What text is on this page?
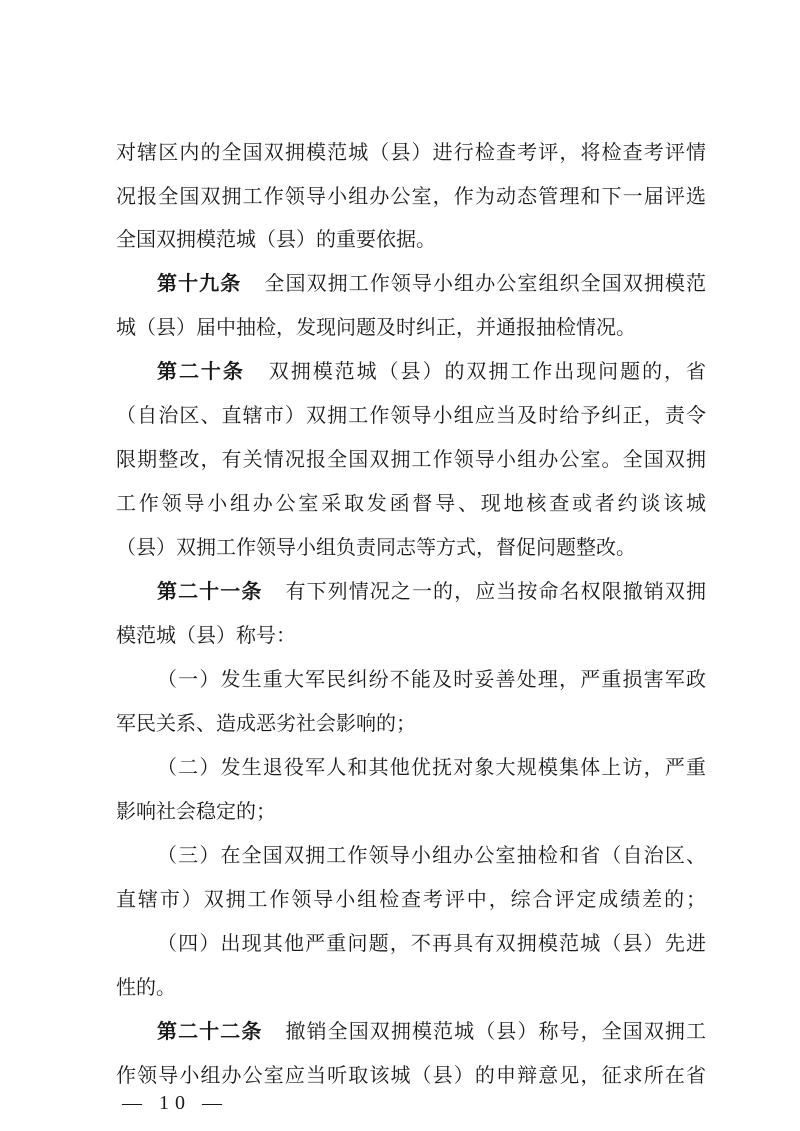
对辖区内的全国双拥模范城（县）进行检查考评，将检查考评情
况报全国双拥工作领导小组办公室，作为动态管理和下一届评选
全国双拥模范城（县）的重要依据。
第十九条 全国双拥工作领导小组办公室组织全国双拥模范
城（县）届中抽检，发现问题及时纠正，并通报抽检情况。
第二十条 双拥模范城（县）的双拥工作出现问题的，省
（自治区、直辖市）双拥工作领导小组应当及时给予纠正，责令
限期整改，有关情况报全国双拥工作领导小组办公室。全国双拥
工作领导小组办公室采取发函督导、现地核查或者约谈该城
（县）双拥工作领导小组负责同志等方式，督促问题整改。
第二十一条 有下列情况之一的，应当按命名权限撤销双拥
模范城（县）称号：
（一）发生重大军民纠纷不能及时妥善处理，严重损害军政
军民关系、造成恶劣社会影响的；
（二）发生退役军人和其他优抚对象大规模集体上访，严重
影响社会稳定的；
（三）在全国双拥工作领导小组办公室抽检和省（自治区、
直辖市）双拥工作领导小组检查考评中，综合评定成绩差的；
（四）出现其他严重问题，不再具有双拥模范城（县）先进
性的。
第二十二条 撤销全国双拥模范城（县）称号，全国双拥工
作领导小组办公室应当听取该城（县）的申辩意见，征求所在省
— 10 —
